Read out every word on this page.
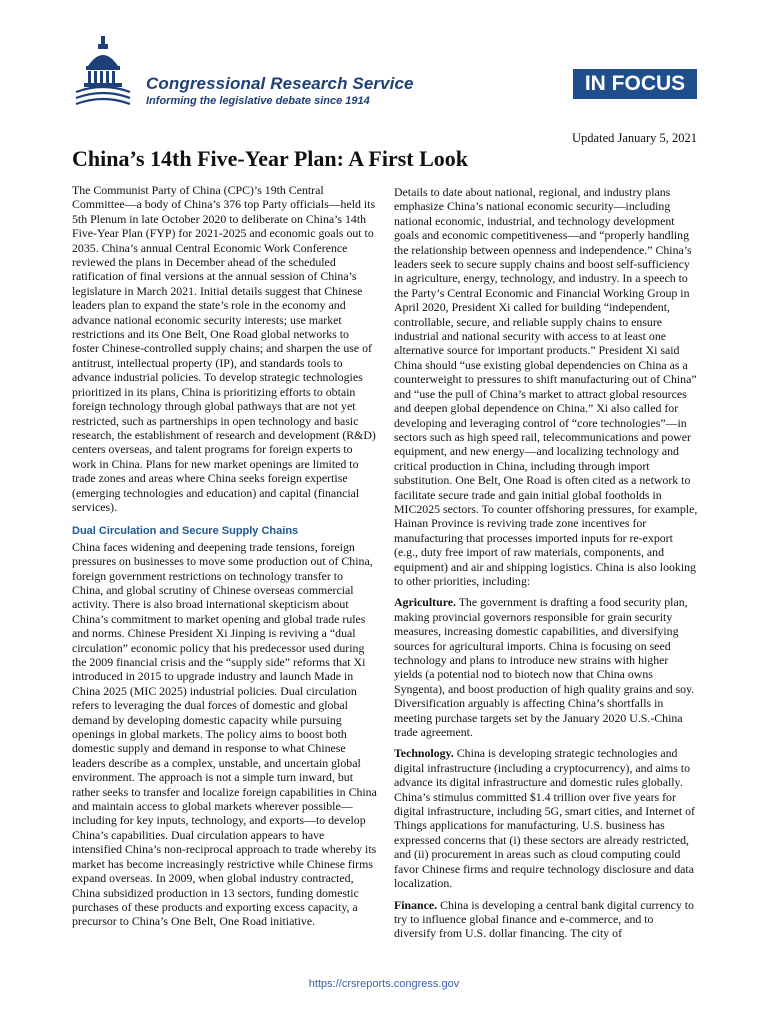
Congressional Research Service

Informing the legislative debate since 1914

IN FOCUS
Updated January 5, 2021
China’s 14th Five-Year Plan: A First Look

The Communist Party of China (CPC)’s 19th Central Committee—a body of China’s 376 top Party officials—held its 5th Plenum in late October 2020 to deliberate on China’s 14th Five-Year Plan (FYP) for 2021-2025 and economic goals out to 2035. China’s annual Central Economic Work Conference reviewed the plans in December ahead of the scheduled ratification of final versions at the annual session of China’s legislature in March 2021. Initial details suggest that Chinese leaders plan to expand the state’s role in the economy and advance national economic security interests; use market restrictions and its One Belt, One Road global networks to foster Chinese-controlled supply chains; and sharpen the use of antitrust, intellectual property (IP), and standards tools to advance industrial policies. To develop strategic technologies prioritized in its plans, China is prioritizing efforts to obtain foreign technology through global pathways that are not yet restricted, such as partnerships in open technology and basic research, the establishment of research and development (R&D) centers overseas, and talent programs for foreign experts to work in China. Plans for new market openings are limited to trade zones and areas where China seeks foreign expertise (emerging technologies and education) and capital (financial services).

Dual Circulation and Secure Supply Chains

China faces widening and deepening trade tensions, foreign pressures on businesses to move some production out of China, foreign government restrictions on technology transfer to China, and global scrutiny of Chinese overseas commercial activity. There is also broad international skepticism about China’s commitment to market opening and global trade rules and norms. Chinese President Xi Jinping is reviving a “dual circulation” economic policy that his predecessor used during the 2009 financial crisis and the “supply side” reforms that Xi introduced in 2015 to upgrade industry and launch Made in China 2025 (MIC 2025) industrial policies. Dual circulation refers to leveraging the dual forces of domestic and global demand by developing domestic capacity while pursuing openings in global markets. The policy aims to boost both domestic supply and demand in response to what Chinese leaders describe as a complex, unstable, and uncertain global environment. The approach is not a simple turn inward, but rather seeks to transfer and localize foreign capabilities in China and maintain access to global markets wherever possible—including for key inputs, technology, and exports—to develop China’s capabilities. Dual circulation appears to have intensified China’s non-reciprocal approach to trade whereby its market has become increasingly restrictive while Chinese firms expand overseas. In 2009, when global industry contracted, China subsidized production in 13 sectors, funding domestic purchases of these products and exporting excess capacity, a precursor to China’s One Belt, One Road initiative.

Details to date about national, regional, and industry plans emphasize China’s national economic security—including national economic, industrial, and technology development goals and economic competitiveness—and “properly handling the relationship between openness and independence.” China’s leaders seek to secure supply chains and boost self-sufficiency in agriculture, energy, technology, and industry. In a speech to the Party’s Central Economic and Financial Working Group in April 2020, President Xi called for building “independent, controllable, secure, and reliable supply chains to ensure industrial and national security with access to at least one alternative source for important products.” President Xi said China should “use existing global dependencies on China as a counterweight to pressures to shift manufacturing out of China” and “use the pull of China’s market to attract global resources and deepen global dependence on China.” Xi also called for developing and leveraging control of “core technologies”—in sectors such as high speed rail, telecommunications and power equipment, and new energy—and localizing technology and critical production in China, including through import substitution. One Belt, One Road is often cited as a network to facilitate secure trade and gain initial global footholds in MIC2025 sectors. To counter offshoring pressures, for example, Hainan Province is reviving trade zone incentives for manufacturing that processes imported inputs for re-export (e.g., duty free import of raw materials, components, and equipment) and air and shipping logistics. China is also looking to other priorities, including:

Agriculture. The government is drafting a food security plan, making provincial governors responsible for grain security measures, increasing domestic capabilities, and diversifying sources for agricultural imports. China is focusing on seed technology and plans to introduce new strains with higher yields (a potential nod to biotech now that China owns Syngenta), and boost production of high quality grains and soy. Diversification arguably is affecting China’s shortfalls in meeting purchase targets set by the January 2020 U.S.-China trade agreement.

Technology. China is developing strategic technologies and digital infrastructure (including a cryptocurrency), and aims to advance its digital infrastructure and domestic rules globally. China’s stimulus committed $1.4 trillion over five years for digital infrastructure, including 5G, smart cities, and Internet of Things applications for manufacturing. U.S. business has expressed concerns that (i) these sectors are already restricted, and (ii) procurement in areas such as cloud computing could favor Chinese firms and require technology disclosure and data localization.

Finance. China is developing a central bank digital currency to try to influence global finance and e-commerce, and to diversify from U.S. dollar financing. The city of

https://crsreports.congress.gov
